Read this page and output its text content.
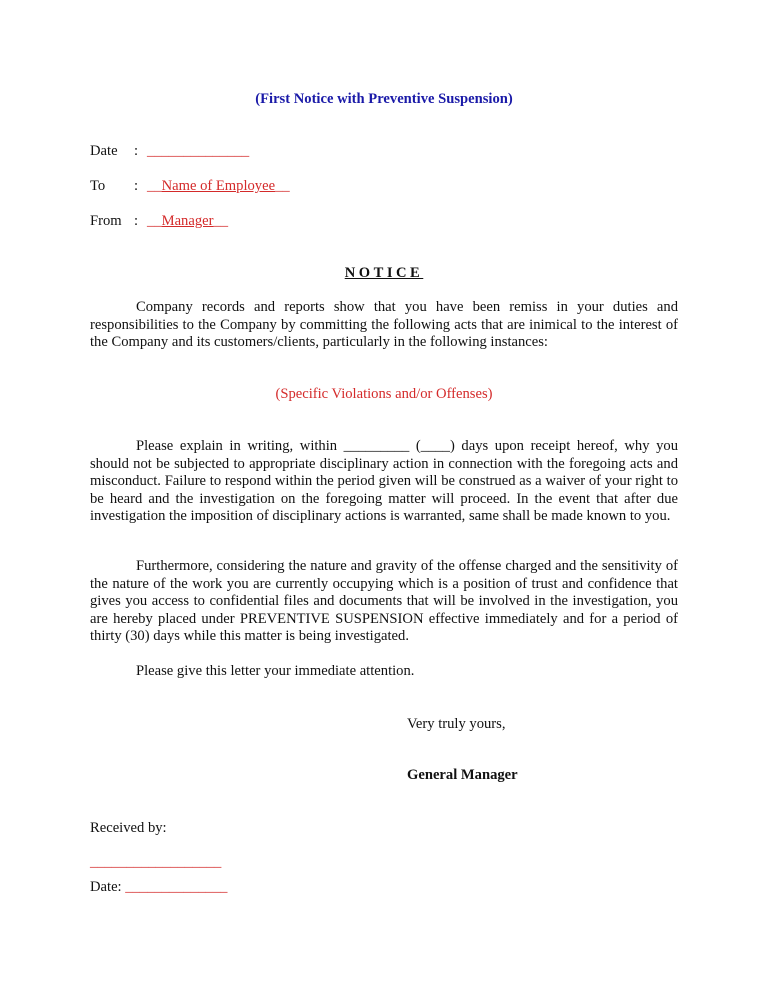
(First Notice with Preventive Suspension)
Date : ______________
To : __Name of Employee__
From : __Manager__
NOTICE
Company records and reports show that you have been remiss in your duties and responsibilities to the Company by committing the following acts that are inimical to the interest of the Company and its customers/clients, particularly in the following instances:
(Specific Violations and/or Offenses)
Please explain in writing, within _________ (____) days upon receipt hereof, why you should not be subjected to appropriate disciplinary action in connection with the foregoing acts and misconduct. Failure to respond within the period given will be construed as a waiver of your right to be heard and the investigation on the foregoing matter will proceed. In the event that after due investigation the imposition of disciplinary actions is warranted, same shall be made known to you.
Furthermore, considering the nature and gravity of the offense charged and the sensitivity of the nature of the work you are currently occupying which is a position of trust and confidence that gives you access to confidential files and documents that will be involved in the investigation, you are hereby placed under PREVENTIVE SUSPENSION effective immediately and for a period of thirty (30) days while this matter is being investigated.
Please give this letter your immediate attention.
Very truly yours,
General Manager
Received by:
__________________
Date: ______________
